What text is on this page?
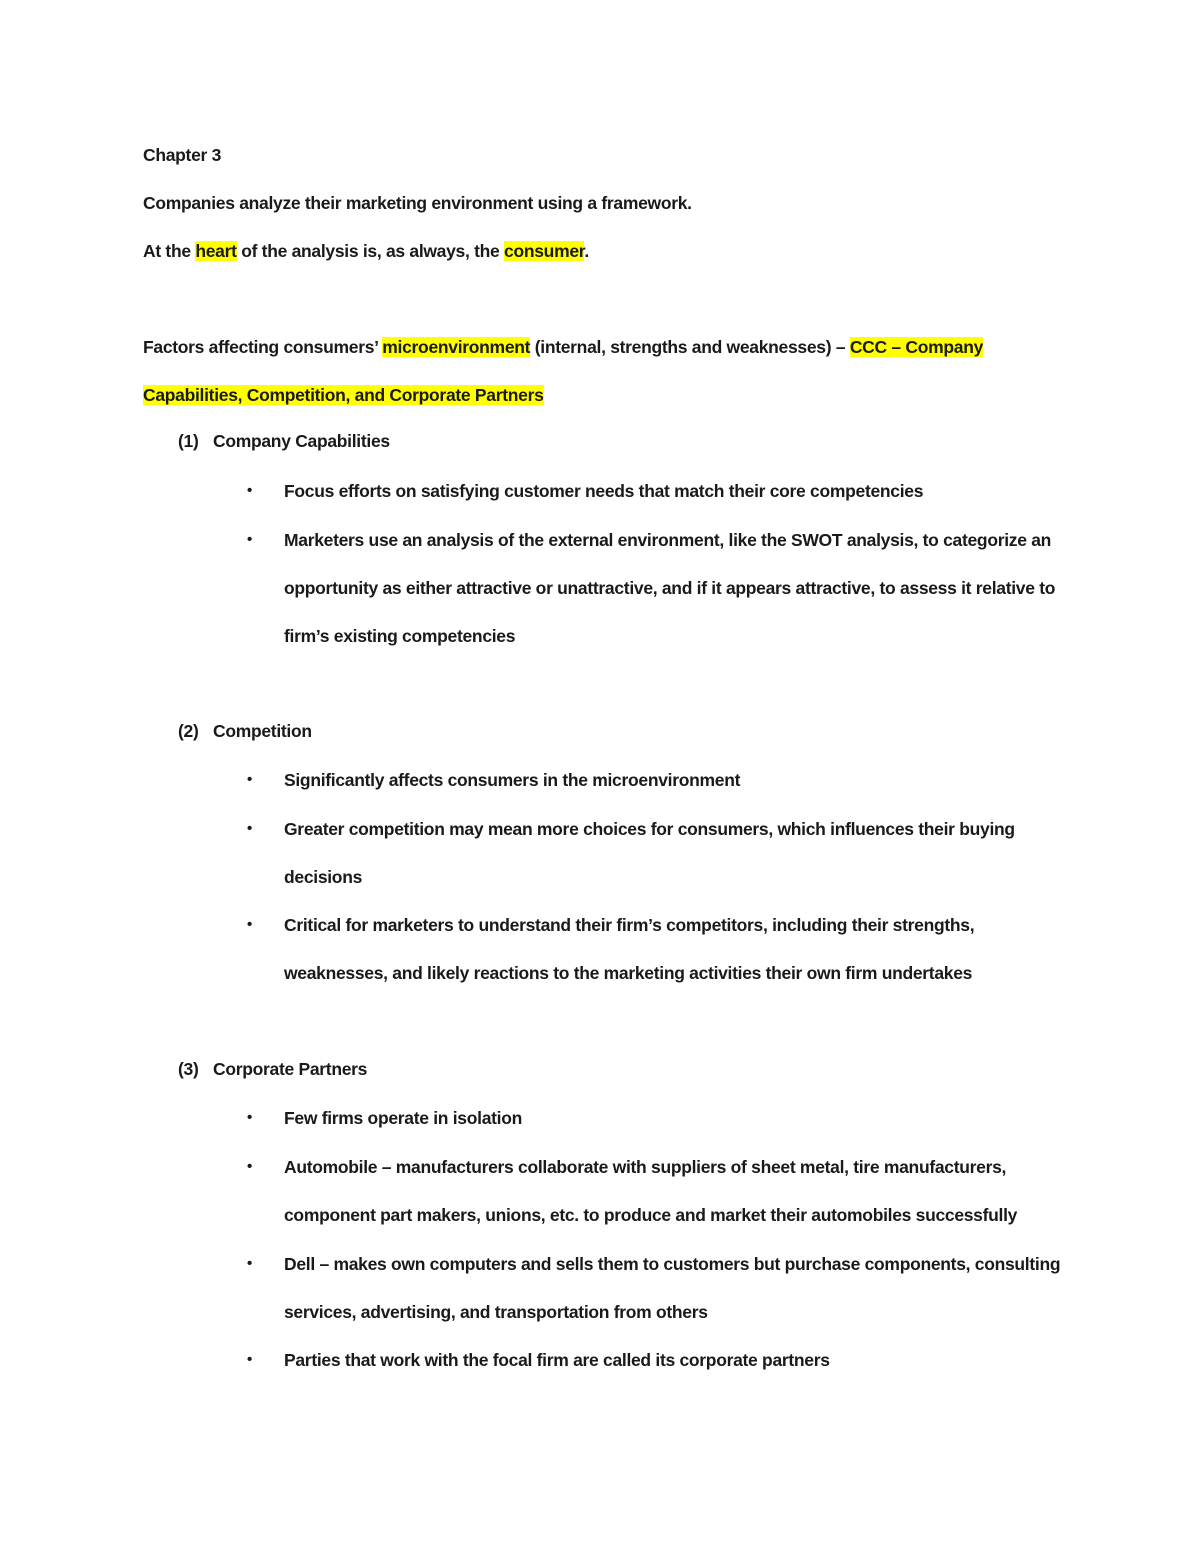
Chapter 3
Companies analyze their marketing environment using a framework.
At the heart of the analysis is, as always, the consumer.
Factors affecting consumers’ microenvironment (internal, strengths and weaknesses) – CCC – Company
Capabilities, Competition, and Corporate Partners
(1) Company Capabilities
• Focus efforts on satisfying customer needs that match their core competencies
• Marketers use an analysis of the external environment, like the SWOT analysis, to categorize an
opportunity as either attractive or unattractive, and if it appears attractive, to assess it relative to
firm’s existing competencies
(2) Competition
• Significantly affects consumers in the microenvironment
• Greater competition may mean more choices for consumers, which influences their buying
decisions
• Critical for marketers to understand their firm’s competitors, including their strengths,
weaknesses, and likely reactions to the marketing activities their own firm undertakes
(3) Corporate Partners
• Few firms operate in isolation
• Automobile – manufacturers collaborate with suppliers of sheet metal, tire manufacturers,
component part makers, unions, etc. to produce and market their automobiles successfully
• Dell – makes own computers and sells them to customers but purchase components, consulting
services, advertising, and transportation from others
• Parties that work with the focal firm are called its corporate partners
